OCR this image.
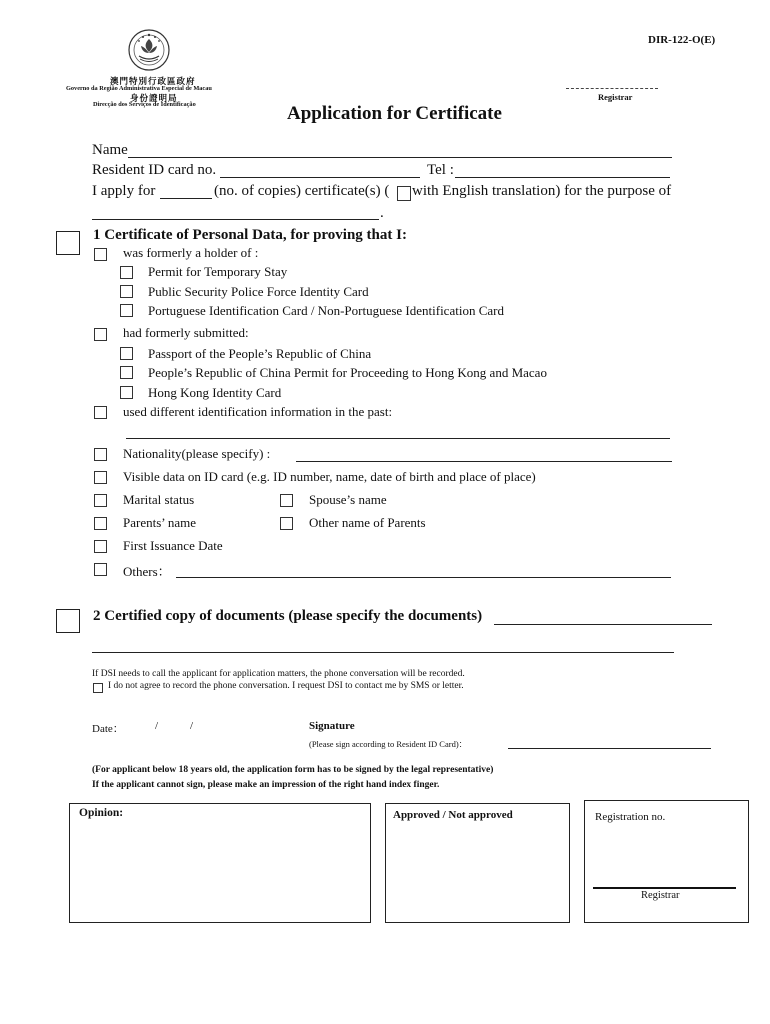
DIR-122-O(E)
澳門特別行政區政府
Governo da Região Administrativa Especial de Macau
身份證明局
Direcção dos Serviços de Identificação
Registrar
Application for Certificate
Name
Resident ID card no.	Tel :
I apply for	(no. of copies) certificate(s) ( with English translation) for the purpose of
.
1 Certificate of Personal Data, for proving that I:
was formerly a holder of :
Permit for Temporary Stay
Public Security Police Force Identity Card
Portuguese Identification Card / Non-Portuguese Identification Card
had formerly submitted:
Passport of the People’s Republic of China
People’s Republic of China Permit for Proceeding to Hong Kong and Macao
Hong Kong Identity Card
used different identification information in the past:
Nationality(please specify) :
Visible data on ID card (e.g. ID number, name, date of birth and place of place)
Marital status	Spouse’s name
Parents’ name	Other name of Parents
First Issuance Date
Others：
2 Certified copy of documents (please specify the documents)
If DSI needs to call the applicant for application matters, the phone conversation will be recorded.
I do not agree to record the phone conversation. I request DSI to contact me by SMS or letter.
Date：	/	/	Signature
(Please sign according to Resident ID Card)：
(For applicant below 18 years old, the application form has to be signed by the legal representative)
If the applicant cannot sign, please make an impression of the right hand index finger.
Opinion:	Approved / Not approved	Registration no.
Registrar
